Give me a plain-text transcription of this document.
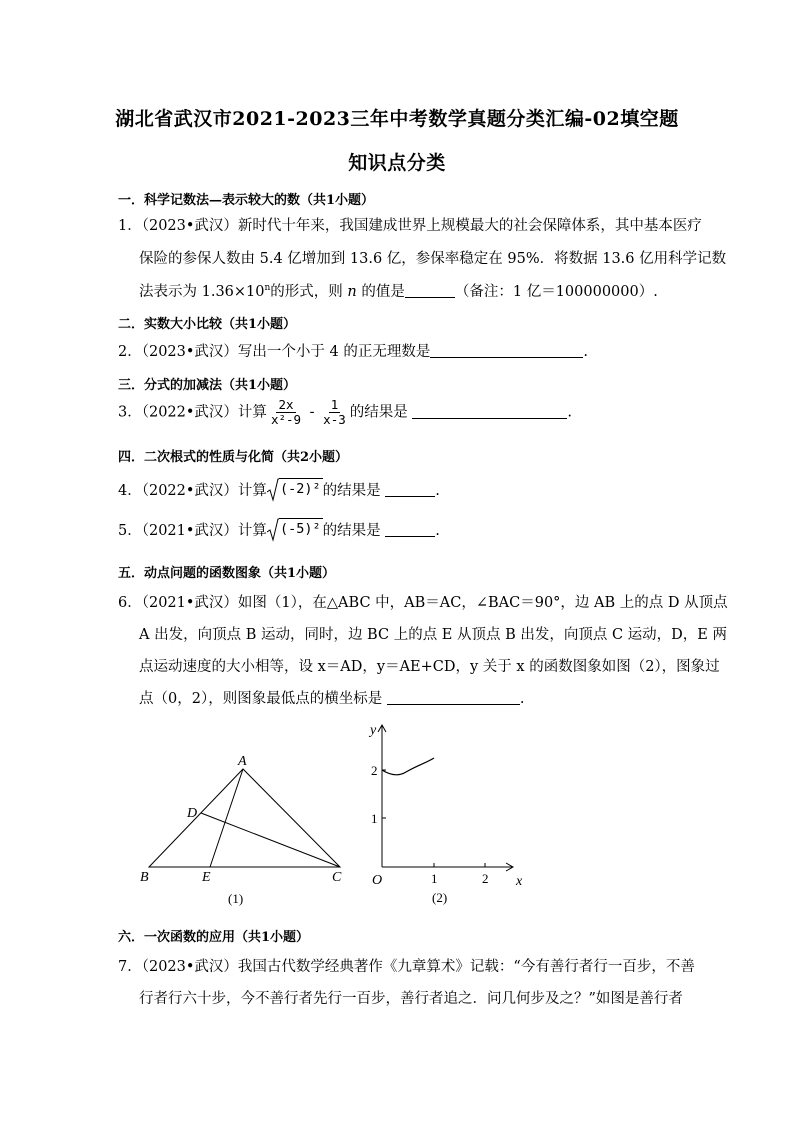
湖北省武汉市2021-2023三年中考数学真题分类汇编-02填空题
知识点分类
一．科学记数法—表示较大的数（共1小题）
1．（2023•武汉）新时代十年来，我国建成世界上规模最大的社会保障体系，其中基本医疗
保险的参保人数由 5.4 亿增加到 13.6 亿，参保率稳定在 95%．将数据 13.6 亿用科学记数
法表示为 $1.36\times 10^n$的形式，则 n 的值是	（备注：1 亿＝100000000）.
二．实数大小比较（共1小题）
2．（2023•武汉）写出一个小于 4 的正无理数是	.
三．分式的加减法（共1小题）
3．（2022•武汉）计算 $\frac{2x}{\text{x²-9}} - \frac{1}{x-3}$ 的结果是	.
四．二次根式的性质与化简（共2小题）
4．（2022•武汉）计算 (-2)² 的结果是	.
5．（2021•武汉）计算 (-5)² 的结果是	.
五．动点问题的函数图象（共1小题）
6．（2021•武汉）如图（1），在△ABC 中，AB＝AC，∠BAC＝90°，边 AB 上的点 D 从顶点
A 出发，向顶点 B 运动，同时，边 BC 上的点 E 从顶点 B 出发，向顶点 C 运动，D，E 两
点运动速度的大小相等，设 x＝AD，y＝AE+CD，y 关于 x 的函数图象如图（2），图象过
点（0，2），则图象最低点的横坐标是	.
A
D
B	E	C
(1)
y
x
O
2
1
1	2
(2)
六．一次函数的应用（共1小题）
7．（2023•武汉）我国古代数学经典著作《九章算术》记载：“今有善行者行一百步，不善
行者行六十步，今不善行者先行一百步，善行者追之．问几何步及之？”如图是善行者
